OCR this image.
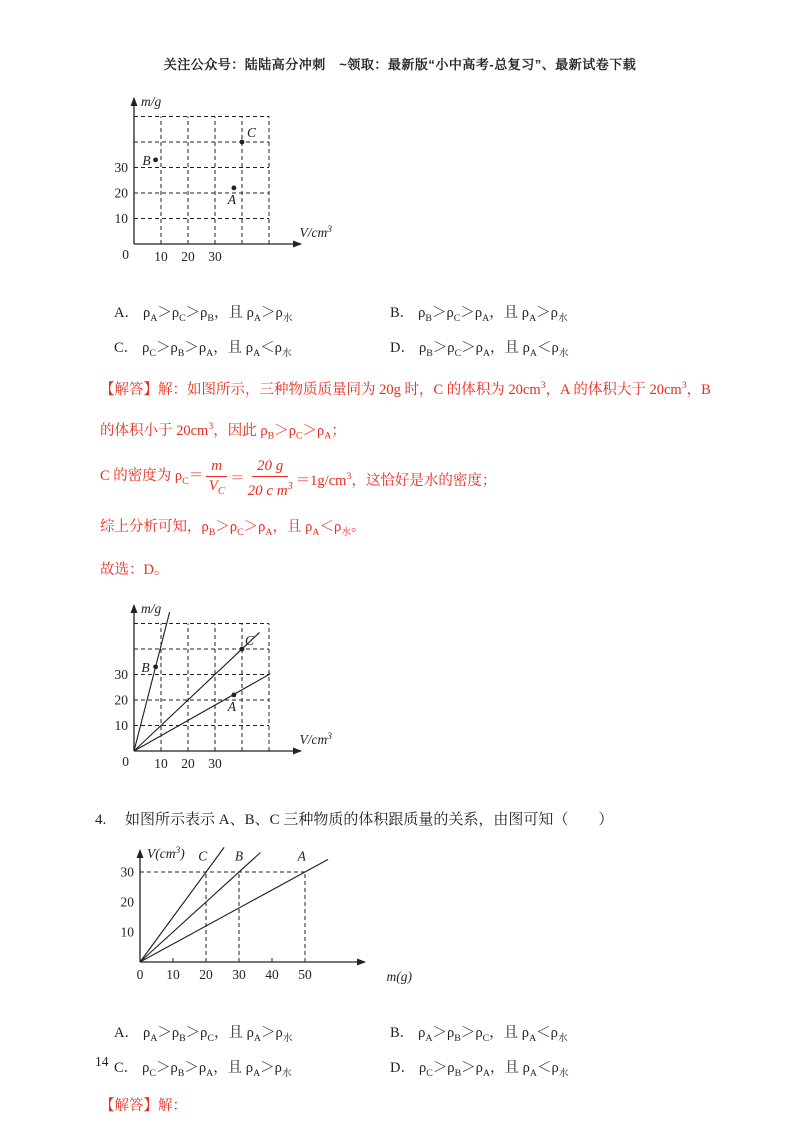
关注公众号：陆陆高分冲刺　~领取：最新版“小中高考-总复习”、最新试卷下载
10 20 30
10
20
30
0
B
C
A
$V/cm^3$
m/g
A． $\rho_A>\rho_C>\rho_B$，且 $\rho_A>\rho_水$	B． $\rho_B>\rho_C>\rho_A$，且 $\rho_A>\rho_水$
C． $\rho_C>\rho_B>\rho_A$，且 $\rho_A<\rho_水$	D． $\rho_B>\rho_C>\rho_A$，且 $\rho_A<\rho_水$
【解答】解：如图所示，三种物质质量同为 20g 时，C 的体积为 $20cm^3$，A 的体积大于 $20cm^3$，B
的体积小于 $20cm^3$，因此 $\rho_B>\rho_C>\rho_A$；
C 的密度为 $\rho_C= \frac{m}{V_C} = \frac{20 g}{20 c m^3} =1g/cm^3$，这恰好是水的密度；
综上分析可知，$\rho_B>\rho_C>\rho_A$，且 $\rho_A<\rho_水$。
故选：D。
10 20 30
10
20
30
0
B
C
A
$V/cm^3$
m/g
4. 如图所示表示 A、B、C 三种物质的体积跟质量的关系，由图可知（　　）
10 20 30 40 50
10
20
30
0
C B	A
m(g)
$V(cm^3)$
A． $\rho_A>\rho_B>\rho_C$，且 $\rho_A>\rho_水$	B． $\rho_A>\rho_B>\rho_C$，且 $\rho_A<\rho_水$
C． $\rho_C>\rho_B>\rho_A$，且 $\rho_A>\rho_水$	D． $\rho_C>\rho_B>\rho_A$，且 $\rho_A<\rho_水$
【解答】解：
14
